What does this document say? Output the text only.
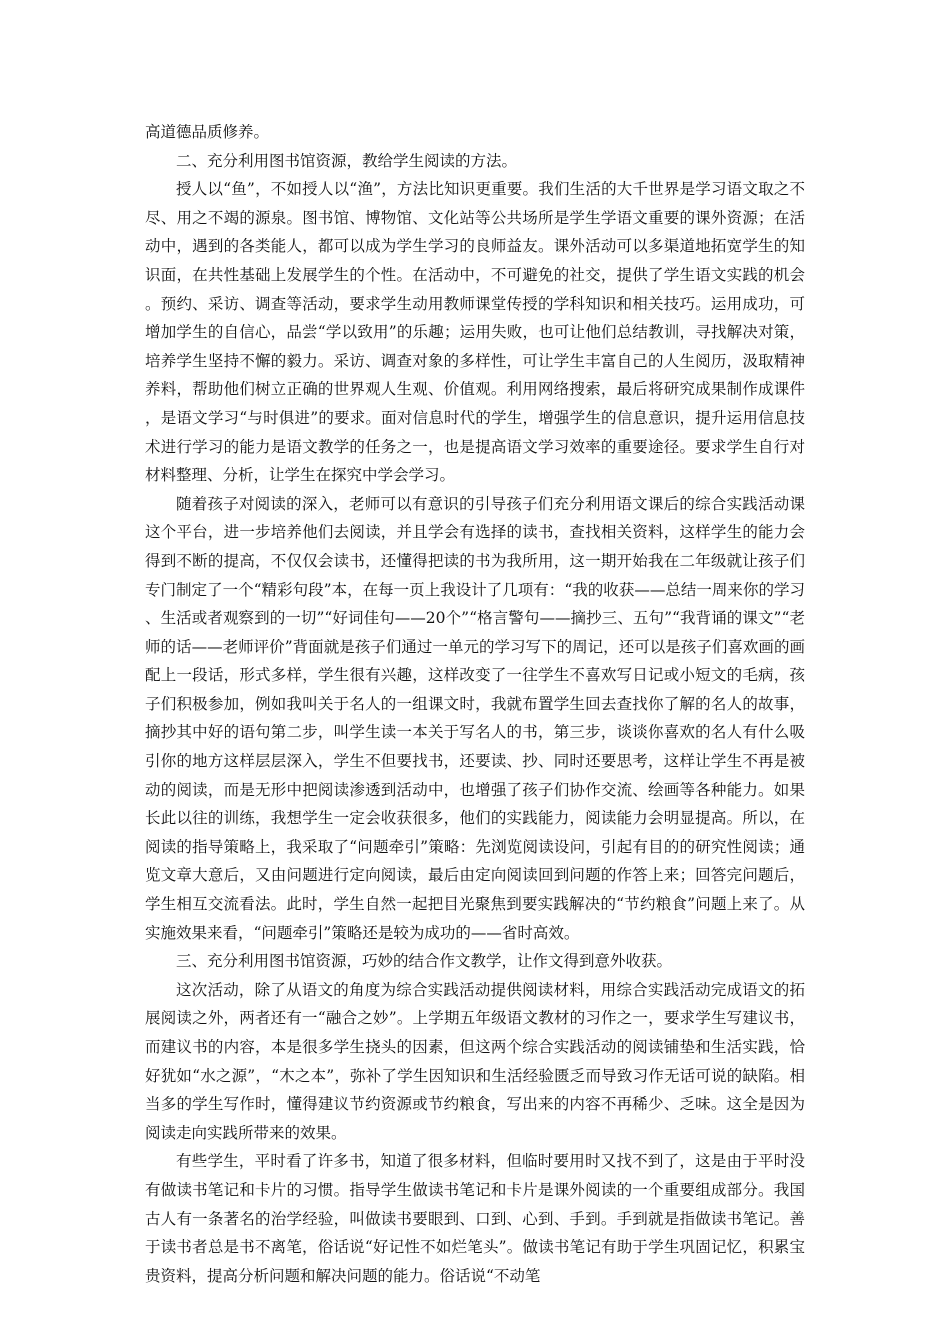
高道德品质修养。

二、充分利用图书馆资源，教给学生阅读的方法。

授人以“鱼”，不如授人以“渔”，方法比知识更重要。我们生活的大千世界是学习语文取之不尽、用之不竭的源泉。图书馆、博物馆、文化站等公共场所是学生学语文重要的课外资源；在活动中，遇到的各类能人，都可以成为学生学习的良师益友。课外活动可以多渠道地拓宽学生的知识面，在共性基础上发展学生的个性。在活动中，不可避免的社交，提供了学生语文实践的机会。预约、采访、调查等活动，要求学生动用教师课堂传授的学科知识和相关技巧。运用成功，可增加学生的自信心，品尝“学以致用”的乐趣；运用失败，也可让他们总结教训，寻找解决对策，培养学生坚持不懈的毅力。采访、调查对象的多样性，可让学生丰富自己的人生阅历，汲取精神养料，帮助他们树立正确的世界观人生观、价值观。利用网络搜索，最后将研究成果制作成课件，是语文学习“与时俱进”的要求。面对信息时代的学生，增强学生的信息意识，提升运用信息技术进行学习的能力是语文教学的任务之一，也是提高语文学习效率的重要途径。要求学生自行对材料整理、分析，让学生在探究中学会学习。

随着孩子对阅读的深入，老师可以有意识的引导孩子们充分利用语文课后的综合实践活动课这个平台，进一步培养他们去阅读，并且学会有选择的读书，查找相关资料，这样学生的能力会得到不断的提高，不仅仅会读书，还懂得把读的书为我所用，这一期开始我在二年级就让孩子们专门制定了一个“精彩句段”本，在每一页上我设计了几项有：“我的收获——总结一周来你的学习、生活或者观察到的一切”“好词佳句——20个”“格言警句——摘抄三、五句”“我背诵的课文”“老师的话——老师评价”背面就是孩子们通过一单元的学习写下的周记，还可以是孩子们喜欢画的画配上一段话，形式多样，学生很有兴趣，这样改变了一往学生不喜欢写日记或小短文的毛病，孩子们积极参加，例如我叫关于名人的一组课文时，我就布置学生回去查找你了解的名人的故事，摘抄其中好的语句第二步，叫学生读一本关于写名人的书，第三步，谈谈你喜欢的名人有什么吸引你的地方这样层层深入，学生不但要找书，还要读、抄、同时还要思考，这样让学生不再是被动的阅读，而是无形中把阅读渗透到活动中，也增强了孩子们协作交流、绘画等各种能力。如果长此以往的训练，我想学生一定会收获很多，他们的实践能力，阅读能力会明显提高。所以，在阅读的指导策略上，我采取了“问题牵引”策略：先浏览阅读设问，引起有目的的研究性阅读；通览文章大意后，又由问题进行定向阅读，最后由定向阅读回到问题的作答上来；回答完问题后，学生相互交流看法。此时，学生自然一起把目光聚焦到要实践解决的“节约粮食”问题上来了。从实施效果来看，“问题牵引”策略还是较为成功的——省时高效。

三、充分利用图书馆资源，巧妙的结合作文教学，让作文得到意外收获。

这次活动，除了从语文的角度为综合实践活动提供阅读材料，用综合实践活动完成语文的拓展阅读之外，两者还有一“融合之妙”。上学期五年级语文教材的习作之一，要求学生写建议书，而建议书的内容，本是很多学生挠头的因素，但这两个综合实践活动的阅读铺垫和生活实践，恰好犹如“水之源”，“木之本”，弥补了学生因知识和生活经验匮乏而导致习作无话可说的缺陷。相当多的学生写作时，懂得建议节约资源或节约粮食，写出来的内容不再稀少、乏味。这全是因为阅读走向实践所带来的效果。

有些学生，平时看了许多书，知道了很多材料，但临时要用时又找不到了，这是由于平时没有做读书笔记和卡片的习惯。指导学生做读书笔记和卡片是课外阅读的一个重要组成部分。我国古人有一条著名的治学经验，叫做读书要眼到、口到、心到、手到。手到就是指做读书笔记。善于读书者总是书不离笔，俗话说“好记性不如烂笔头”。做读书笔记有助于学生巩固记忆，积累宝贵资料，提高分析问题和解决问题的能力。俗话说“不动笔
